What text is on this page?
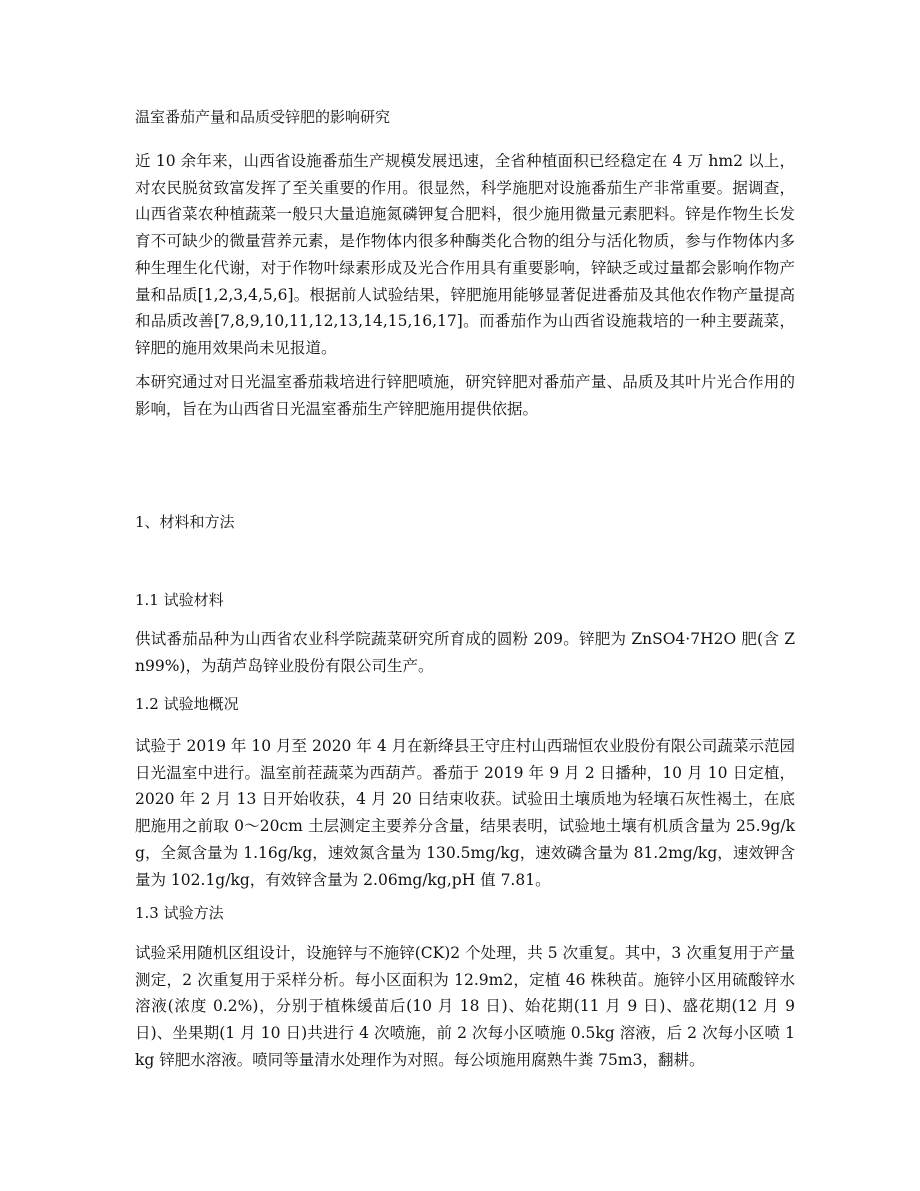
温室番茄产量和品质受锌肥的影响研究

近 10 余年来，山西省设施番茄生产规模发展迅速，全省种植面积已经稳定在 4 万 hm2 以上，对农民脱贫致富发挥了至关重要的作用。很显然，科学施肥对设施番茄生产非常重要。据调查，山西省菜农种植蔬菜一般只大量追施氮磷钾复合肥料，很少施用微量元素肥料。锌是作物生长发育不可缺少的微量营养元素，是作物体内很多种酶类化合物的组分与活化物质，参与作物体内多种生理生化代谢，对于作物叶绿素形成及光合作用具有重要影响，锌缺乏或过量都会影响作物产量和品质[1,2,3,4,5,6]。根据前人试验结果，锌肥施用能够显著促进番茄及其他农作物产量提高和品质改善[7,8,9,10,11,12,13,14,15,16,17]。而番茄作为山西省设施栽培的一种主要蔬菜，锌肥的施用效果尚未见报道。

本研究通过对日光温室番茄栽培进行锌肥喷施，研究锌肥对番茄产量、品质及其叶片光合作用的影响，旨在为山西省日光温室番茄生产锌肥施用提供依据。

1、材料和方法
1.1 试验材料

供试番茄品种为山西省农业科学院蔬菜研究所育成的圆粉 209。锌肥为 ZnSO4·7H2O 肥(含 Zn99%)，为葫芦岛锌业股份有限公司生产。

1.2 试验地概况

试验于 2019 年 10 月至 2020 年 4 月在新绛县王守庄村山西瑞恒农业股份有限公司蔬菜示范园日光温室中进行。温室前茬蔬菜为西葫芦。番茄于 2019 年 9 月 2 日播种，10 月 10 日定植，2020 年 2 月 13 日开始收获，4 月 20 日结束收获。试验田土壤质地为轻壤石灰性褐土，在底肥施用之前取 0～20cm 土层测定主要养分含量，结果表明，试验地土壤有机质含量为 25.9g/kg，全氮含量为 1.16g/kg，速效氮含量为 130.5mg/kg，速效磷含量为 81.2mg/kg，速效钾含量为 102.1g/kg，有效锌含量为 2.06mg/kg,pH 值 7.81。

1.3 试验方法

试验采用随机区组设计，设施锌与不施锌(CK)2 个处理，共 5 次重复。其中，3 次重复用于产量测定，2 次重复用于采样分析。每小区面积为 12.9m2，定植 46 株秧苗。施锌小区用硫酸锌水溶液(浓度 0.2%)，分别于植株缓苗后(10 月 18 日)、始花期(11 月 9 日)、盛花期(12 月 9 日)、坐果期(1 月 10 日)共进行 4 次喷施，前 2 次每小区喷施 0.5kg 溶液，后 2 次每小区喷 1kg 锌肥水溶液。喷同等量清水处理作为对照。每公顷施用腐熟牛粪 75m3，翻耕。
